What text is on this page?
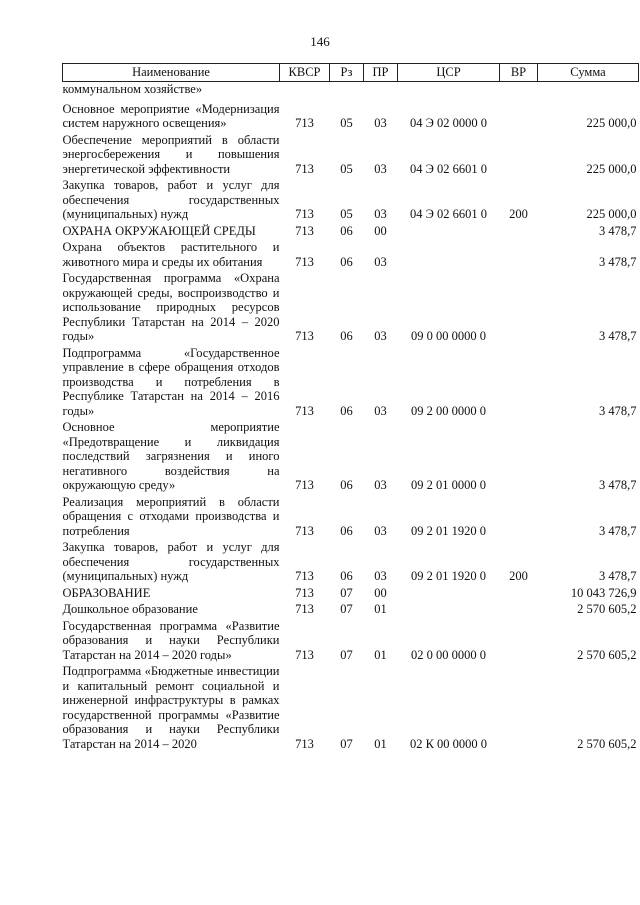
146
Наименование	КВСР	Рз	ПР	ЦСР	ВР	Сумма
коммунальном хозяйстве»						
Основное мероприятие «Модернизация систем наружного освещения»	713	05	03	04 Э 02 0000 0		225 000,0
Обеспечение мероприятий в области энергосбережения и повышения энергетической эффективности	713	05	03	04 Э 02 6601 0		225 000,0
Закупка товаров, работ и услуг для обеспечения государственных (муниципальных) нужд	713	05	03	04 Э 02 6601 0	200	225 000,0
ОХРАНА ОКРУЖАЮЩЕЙ СРЕДЫ	713	06	00			3 478,7
Охрана объектов растительного и животного мира и среды их обитания	713	06	03			3 478,7
Государственная программа «Охрана окружающей среды, воспроизводство и использование природных ресурсов Республики Татарстан на 2014 – 2020 годы»	713	06	03	09 0 00 0000 0		3 478,7
Подпрограмма «Государственное управление в сфере обращения отходов производства и потребления в Республике Татарстан на 2014 – 2016 годы»	713	06	03	09 2 00 0000 0		3 478,7
Основное мероприятие «Предотвращение и ликвидация последствий загрязнения и иного негативного воздействия на окружающую среду»	713	06	03	09 2 01 0000 0		3 478,7
Реализация мероприятий в области обращения с отходами производства и потребления	713	06	03	09 2 01 1920 0		3 478,7
Закупка товаров, работ и услуг для обеспечения государственных (муниципальных) нужд	713	06	03	09 2 01 1920 0	200	3 478,7
ОБРАЗОВАНИЕ	713	07	00			10 043 726,9
Дошкольное образование	713	07	01			2 570 605,2
Государственная программа «Развитие образования и науки Республики Татарстан на 2014 – 2020 годы»	713	07	01	02 0 00 0000 0		2 570 605,2
Подпрограмма «Бюджетные инвестиции и капитальный ремонт социальной и инженерной инфраструктуры в рамках государственной программы «Развитие образования и науки Республики Татарстан на 2014 – 2020	713	07	01	02 К 00 0000 0		2 570 605,2
